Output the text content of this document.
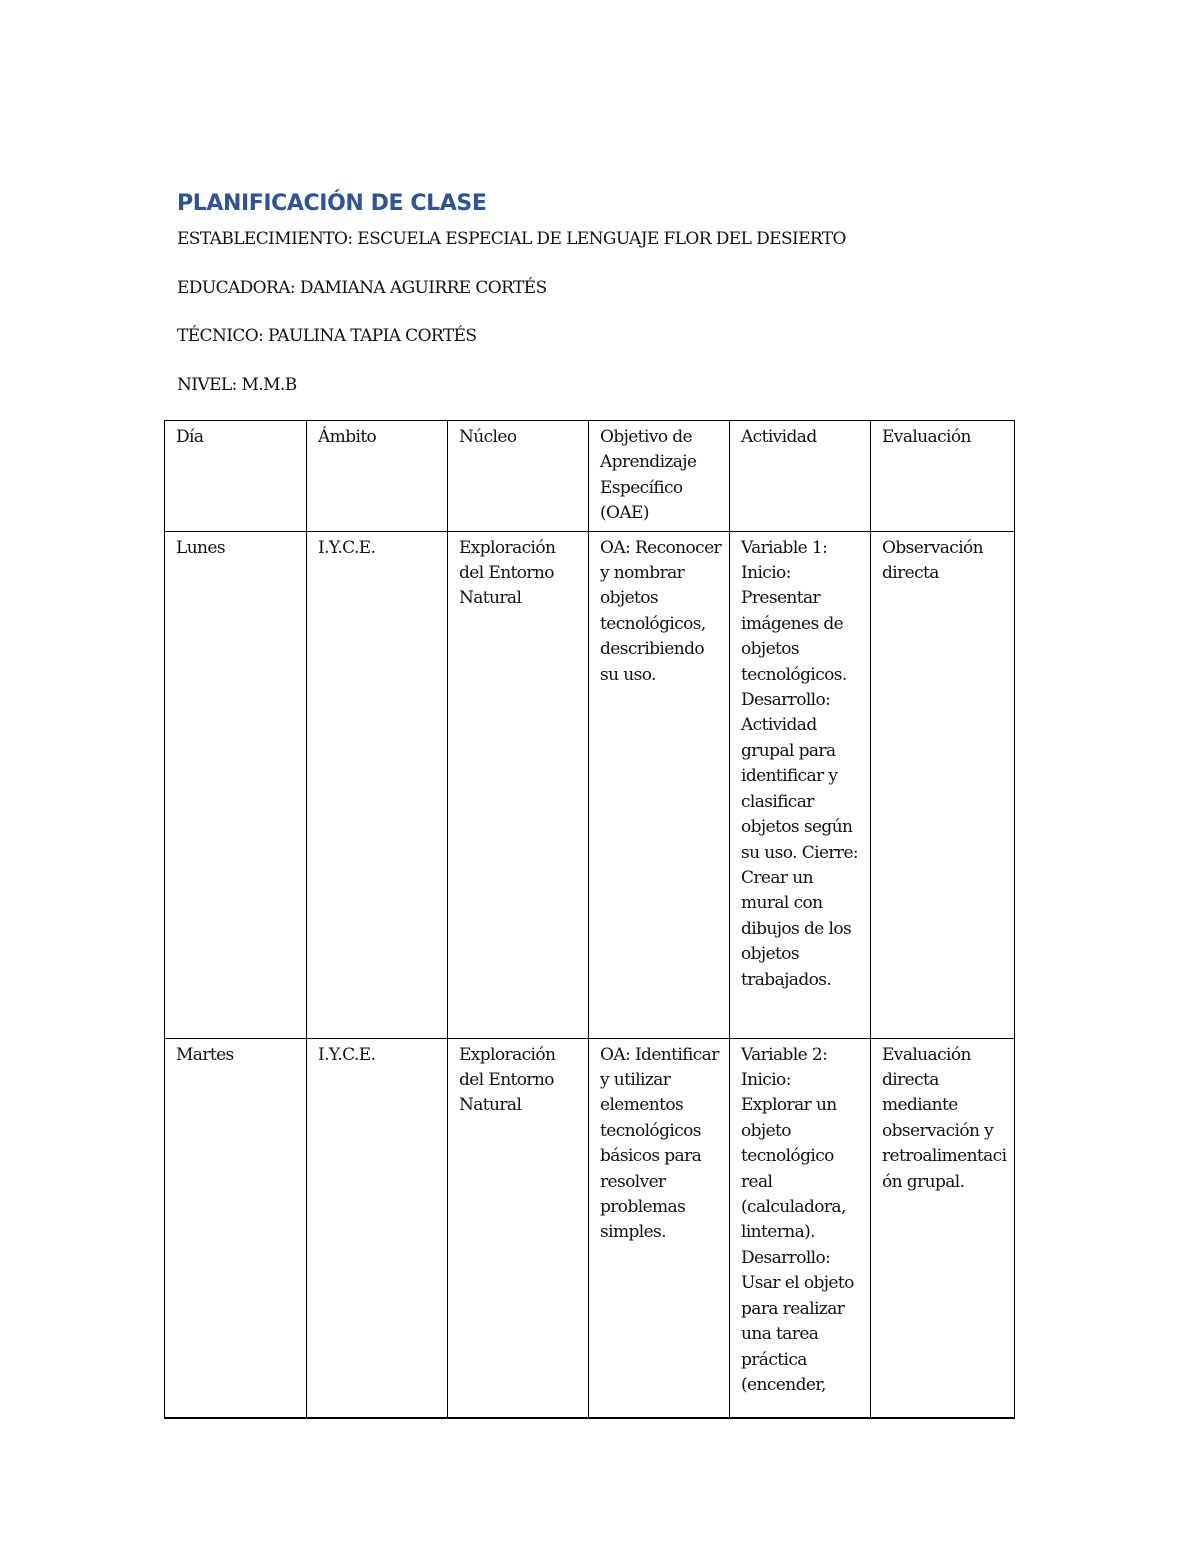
PLANIFICACIÓN DE CLASE

ESTABLECIMIENTO: ESCUELA ESPECIAL DE LENGUAJE FLOR DEL DESIERTO

EDUCADORA: DAMIANA AGUIRRE CORTÉS

TÉCNICO: PAULINA TAPIA CORTÉS

NIVEL: M.M.B

Día	Ámbito	Núcleo	Objetivo de Aprendizaje Específico (OAE)	Actividad	Evaluación
Lunes	I.Y.C.E.	Exploración del Entorno Natural	OA: Reconocer y nombrar objetos tecnológicos, describiendo su uso.	Variable 1: Inicio: Presentar imágenes de objetos tecnológicos. Desarrollo: Actividad grupal para identificar y clasificar objetos según su uso. Cierre: Crear un mural con dibujos de los objetos trabajados.	Observación directa
Martes	I.Y.C.E.	Exploración del Entorno Natural	OA: Identificar y utilizar elementos tecnológicos básicos para resolver problemas simples.	Variable 2: Inicio: Explorar un objeto tecnológico real (calculadora, linterna). Desarrollo: Usar el objeto para realizar una tarea práctica (encender,	Evaluación directa mediante observación y retroalimentación grupal.
